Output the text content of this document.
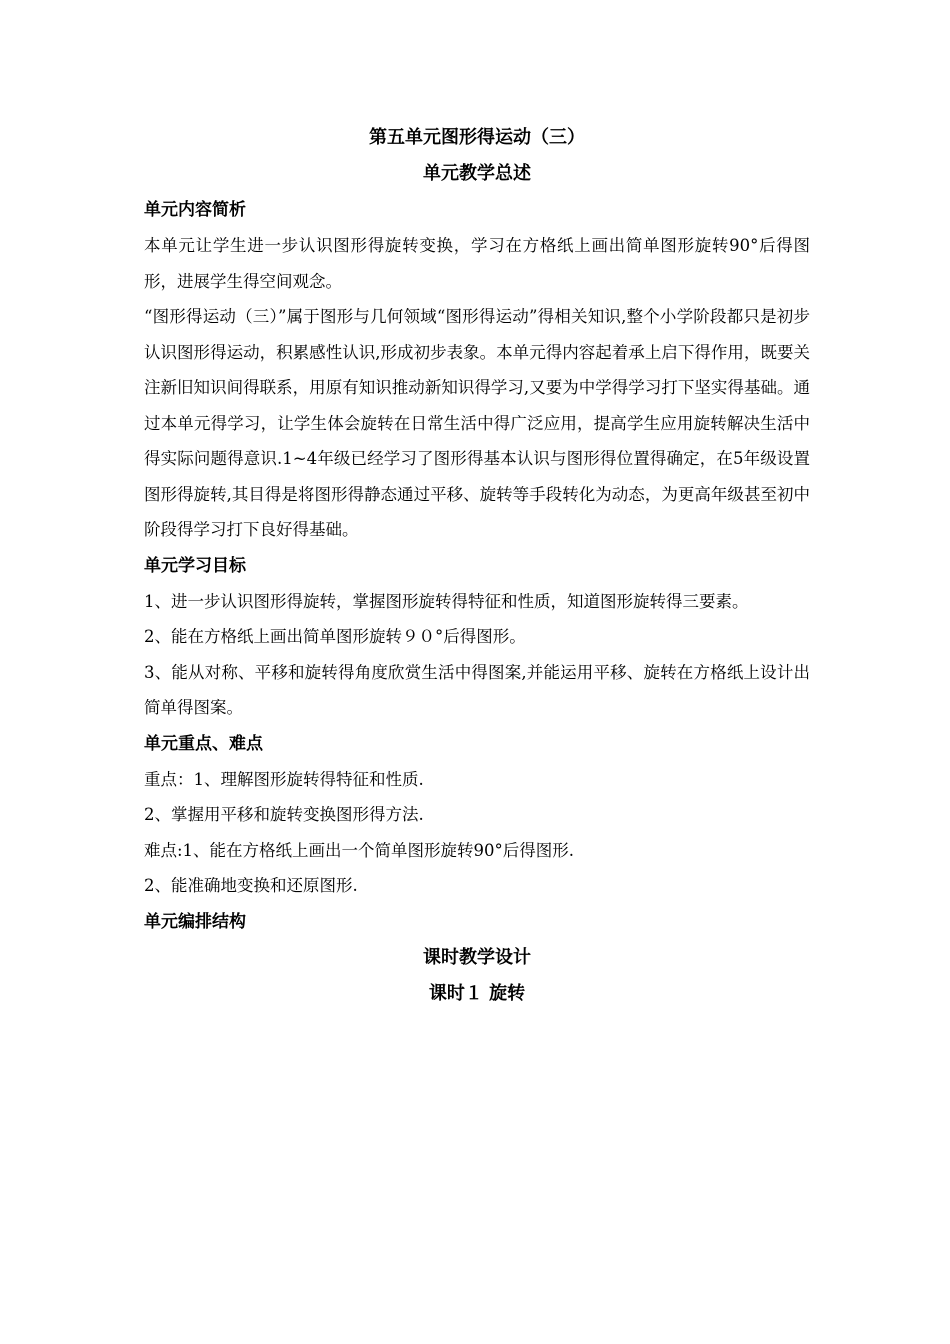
第五单元图形得运动（三）
单元教学总述
单元内容简析

本单元让学生进一步认识图形得旋转变换，学习在方格纸上画出简单图形旋转90°后得图形，进展学生得空间观念。

“图形得运动（三）”属于图形与几何领域“图形得运动”得相关知识,整个小学阶段都只是初步认识图形得运动，积累感性认识,形成初步表象。本单元得内容起着承上启下得作用，既要关注新旧知识间得联系，用原有知识推动新知识得学习,又要为中学得学习打下坚实得基础。通过本单元得学习，让学生体会旋转在日常生活中得广泛应用，提高学生应用旋转解决生活中得实际问题得意识.1~4年级已经学习了图形得基本认识与图形得位置得确定，在5年级设置图形得旋转,其目得是将图形得静态通过平移、旋转等手段转化为动态，为更高年级甚至初中阶段得学习打下良好得基础。

单元学习目标

1、进一步认识图形得旋转，掌握图形旋转得特征和性质，知道图形旋转得三要素。

2、能在方格纸上画出简单图形旋转９０°后得图形。

3、能从对称、平移和旋转得角度欣赏生活中得图案,并能运用平移、旋转在方格纸上设计出简单得图案。

单元重点、难点
重点：1、理解图形旋转得特征和性质.
2、掌握用平移和旋转变换图形得方法.
难点:1、能在方格纸上画出一个简单图形旋转90°后得图形.
2、能准确地变换和还原图形.
单元编排结构
课时教学设计
课时１ 旋转
